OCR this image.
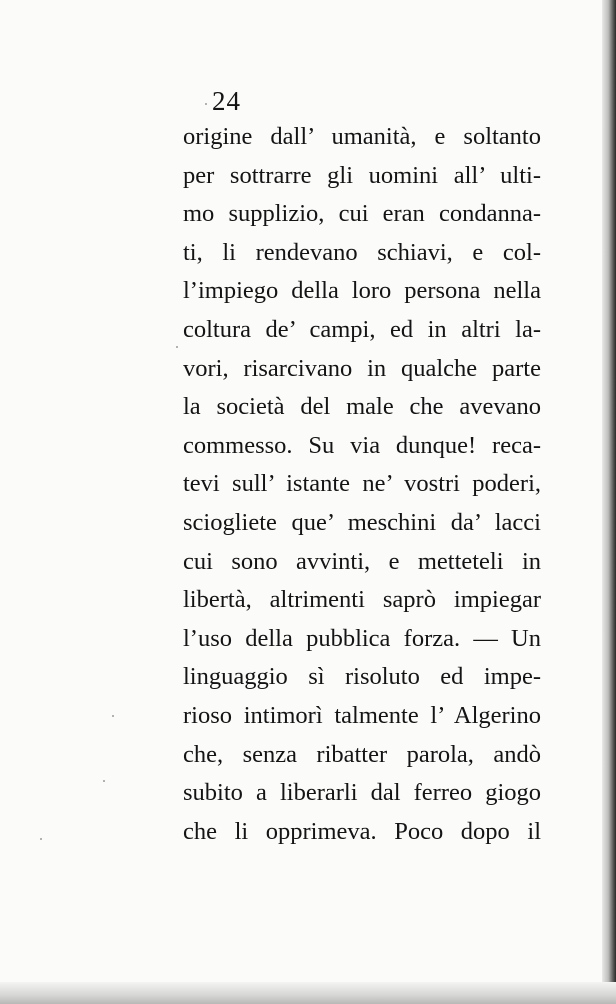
24
origine dall’ umanità, e soltanto
per sottrarre gli uomini all’ ulti-
mo supplizio, cui eran condanna-
ti, li rendevano schiavi, e col-
l’impiego della loro persona nella
coltura de’ campi, ed in altri la-
vori, risarcivano in qualche parte
la società del male che avevano
commesso. Su via dunque! reca-
tevi sull’ istante ne’ vostri poderi,
sciogliete que’ meschini da’ lacci
cui sono avvinti, e metteteli in
libertà, altrimenti saprò impiegar
l’uso della pubblica forza. — Un
linguaggio sì risoluto ed impe-
rioso intimorì talmente l’ Algerino
che, senza ribatter parola, andò
subito a liberarli dal ferreo giogo
che li opprimeva. Poco dopo il
